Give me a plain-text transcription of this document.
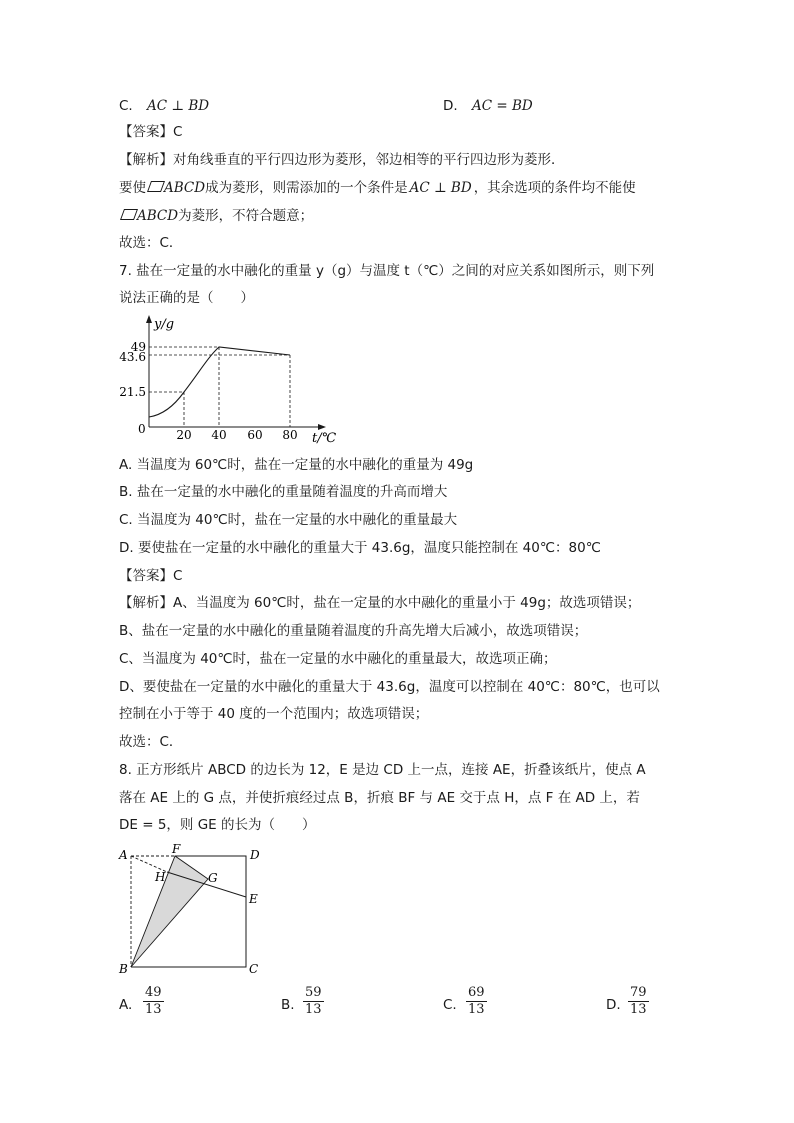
C. AC ⊥ BD	D. AC = BD
【答案】C
【解析】对角线垂直的平行四边形为菱形，邻边相等的平行四边形为菱形．
要使 ABCD成为菱形，则需添加的一个条件是 AC ⊥ BD ，其余选项的条件均不能使
ABCD为菱形，不符合题意；
故选：C．
7. 盐在一定量的水中融化的重量 y（g）与温度 t（℃）之间的对应关系如图所示，则下列
说法正确的是（　　）
y/g
t/℃
0
49
43.6
21.5
20 40 60 80
A. 当温度为 60℃时，盐在一定量的水中融化的重量为 49g
B. 盐在一定量的水中融化的重量随着温度的升高而增大
C. 当温度为 40℃时，盐在一定量的水中融化的重量最大
D. 要使盐在一定量的水中融化的重量大于 43.6g，温度只能控制在 40℃：80℃
【答案】C
【解析】A、当温度为 60℃时，盐在一定量的水中融化的重量小于 49g；故选项错误；
B、盐在一定量的水中融化的重量随着温度的升高先增大后减小，故选项错误；
C、当温度为 40℃时，盐在一定量的水中融化的重量最大，故选项正确；
D、要使盐在一定量的水中融化的重量大于 43.6g，温度可以控制在 40℃：80℃，也可以
控制在小于等于 40 度的一个范围内；故选项错误；
故选：C．
8. 正方形纸片 ABCD 的边长为 12，E 是边 CD 上一点，连接 AE，折叠该纸片，使点 A
落在 AE 上的 G 点，并使折痕经过点 B，折痕 BF 与 AE 交于点 H，点 F 在 AD 上，若
DE = 5，则 GE 的长为（　　）
A	F	D
H	G
E
B	C
A. $\frac{49}{13}$	B. $\frac{59}{13}$	C. $\frac{69}{13}$	D. $\frac{79}{13}$
